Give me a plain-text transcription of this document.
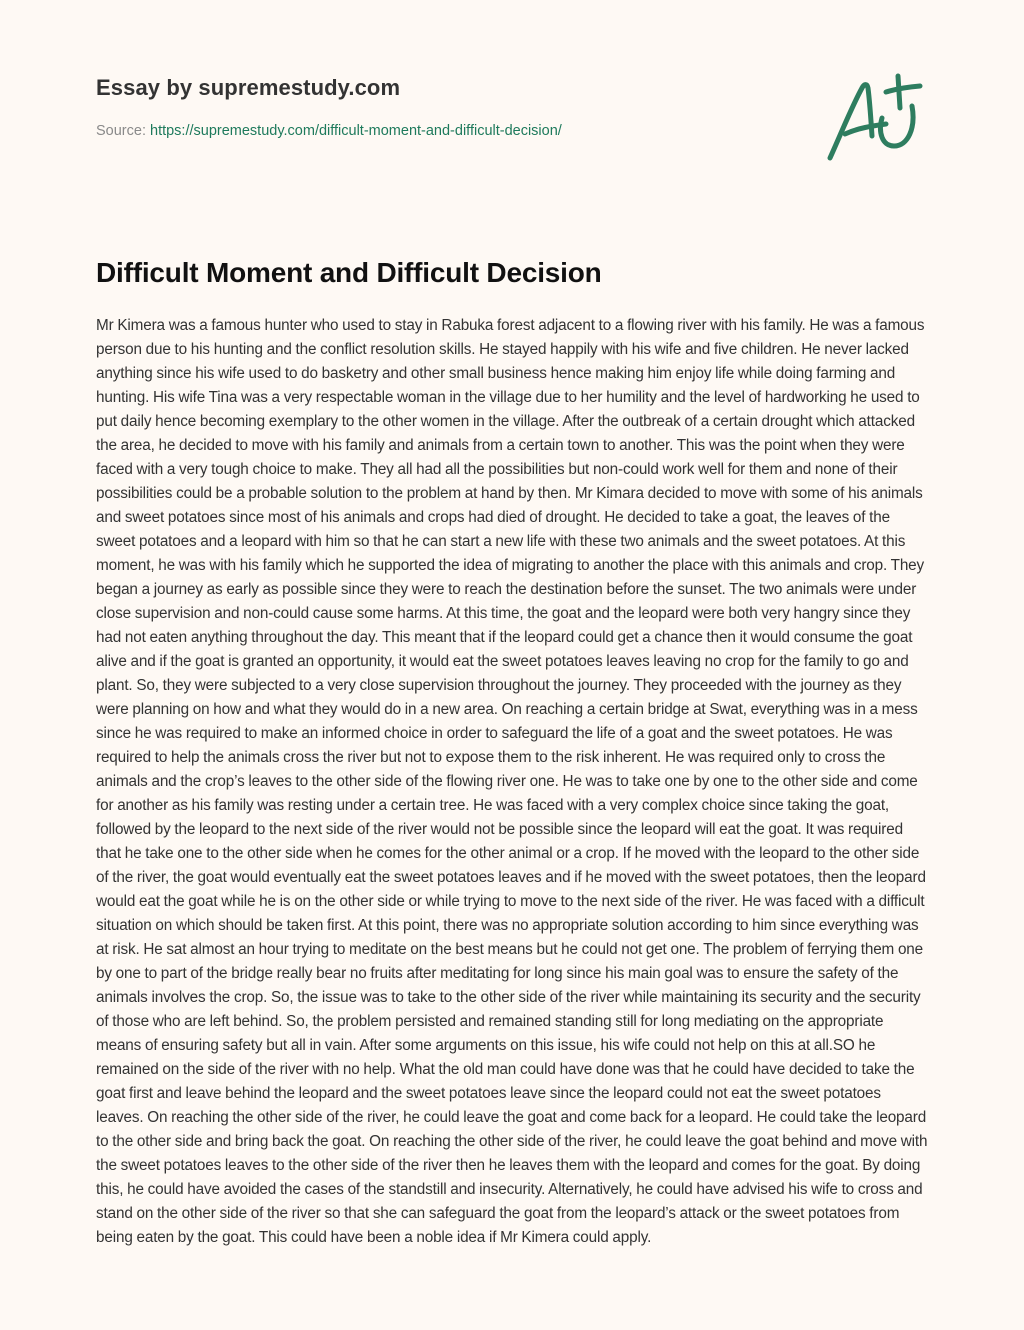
Essay by supremestudy.com
Source: https://supremestudy.com/difficult-moment-and-difficult-decision/
Difficult Moment and Difficult Decision

Mr Kimera was a famous hunter who used to stay in Rabuka forest adjacent to a flowing river with his family. He was a famous person due to his hunting and the conflict resolution skills. He stayed happily with his wife and five children. He never lacked anything since his wife used to do basketry and other small business hence making him enjoy life while doing farming and hunting. His wife Tina was a very respectable woman in the village due to her humility and the level of hardworking he used to put daily hence becoming exemplary to the other women in the village. After the outbreak of a certain drought which attacked the area, he decided to move with his family and animals from a certain town to another. This was the point when they were faced with a very tough choice to make. They all had all the possibilities but non-could work well for them and none of their possibilities could be a probable solution to the problem at hand by then. Mr Kimara decided to move with some of his animals and sweet potatoes since most of his animals and crops had died of drought. He decided to take a goat, the leaves of the sweet potatoes and a leopard with him so that he can start a new life with these two animals and the sweet potatoes. At this moment, he was with his family which he supported the idea of migrating to another the place with this animals and crop. They began a journey as early as possible since they were to reach the destination before the sunset. The two animals were under close supervision and non-could cause some harms. At this time, the goat and the leopard were both very hangry since they had not eaten anything throughout the day. This meant that if the leopard could get a chance then it would consume the goat alive and if the goat is granted an opportunity, it would eat the sweet potatoes leaves leaving no crop for the family to go and plant. So, they were subjected to a very close supervision throughout the journey. They proceeded with the journey as they were planning on how and what they would do in a new area. On reaching a certain bridge at Swat, everything was in a mess since he was required to make an informed choice in order to safeguard the life of a goat and the sweet potatoes. He was required to help the animals cross the river but not to expose them to the risk inherent. He was required only to cross the animals and the crop’s leaves to the other side of the flowing river one. He was to take one by one to the other side and come for another as his family was resting under a certain tree. He was faced with a very complex choice since taking the goat, followed by the leopard to the next side of the river would not be possible since the leopard will eat the goat. It was required that he take one to the other side when he comes for the other animal or a crop. If he moved with the leopard to the other side of the river, the goat would eventually eat the sweet potatoes leaves and if he moved with the sweet potatoes, then the leopard would eat the goat while he is on the other side or while trying to move to the next side of the river. He was faced with a difficult situation on which should be taken first. At this point, there was no appropriate solution according to him since everything was at risk. He sat almost an hour trying to meditate on the best means but he could not get one. The problem of ferrying them one by one to part of the bridge really bear no fruits after meditating for long since his main goal was to ensure the safety of the animals involves the crop. So, the issue was to take to the other side of the river while maintaining its security and the security of those who are left behind. So, the problem persisted and remained standing still for long mediating on the appropriate means of ensuring safety but all in vain. After some arguments on this issue, his wife could not help on this at all.SO he remained on the side of the river with no help. What the old man could have done was that he could have decided to take the goat first and leave behind the leopard and the sweet potatoes leave since the leopard could not eat the sweet potatoes leaves. On reaching the other side of the river, he could leave the goat and come back for a leopard. He could take the leopard to the other side and bring back the goat. On reaching the other side of the river, he could leave the goat behind and move with the sweet potatoes leaves to the other side of the river then he leaves them with the leopard and comes for the goat. By doing this, he could have avoided the cases of the standstill and insecurity. Alternatively, he could have advised his wife to cross and stand on the other side of the river so that she can safeguard the goat from the leopard’s attack or the sweet potatoes from being eaten by the goat. This could have been a noble idea if Mr Kimera could apply.
